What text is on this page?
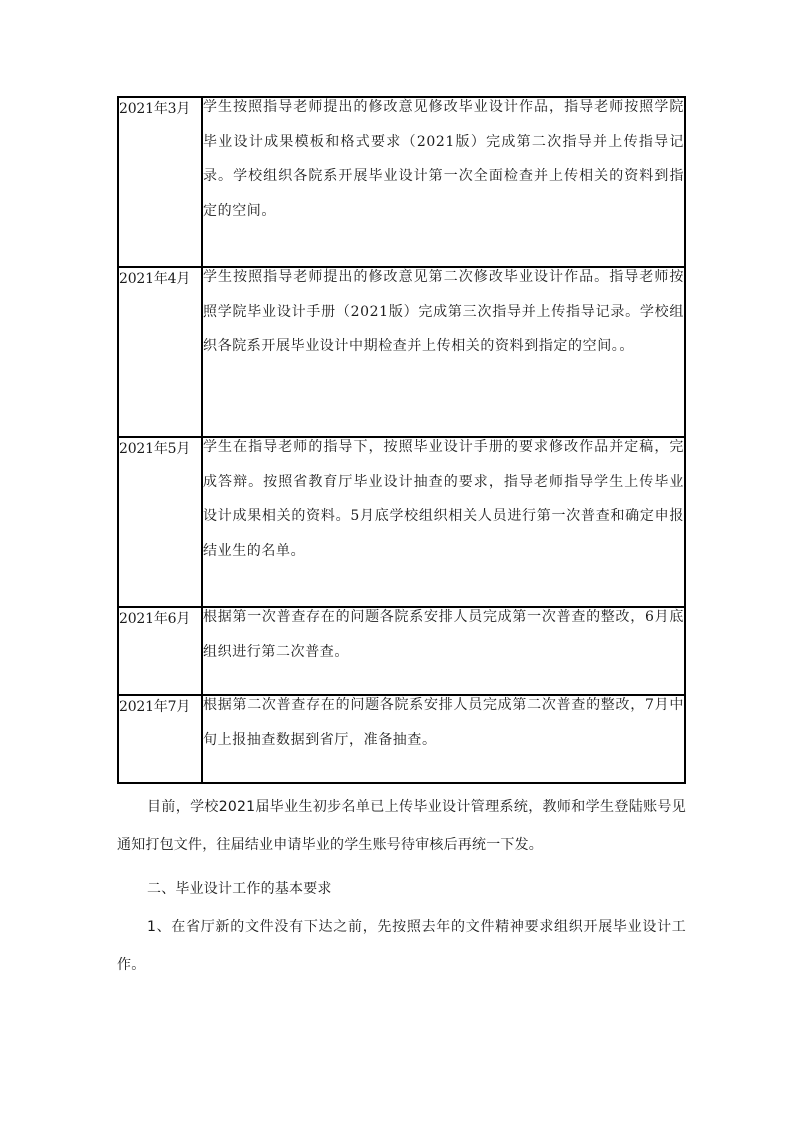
2021年3月	学生按照指导老师提出的修改意见修改毕业设计作品，指导老师按照学院毕业设计成果模板和格式要求（2021版）完成第二次指导并上传指导记录。学校组织各院系开展毕业设计第一次全面检查并上传相关的资料到指定的空间。

2021年4月	学生按照指导老师提出的修改意见第二次修改毕业设计作品。指导老师按照学院毕业设计手册（2021版）完成第三次指导并上传指导记录。学校组织各院系开展毕业设计中期检查并上传相关的资料到指定的空间。。

2021年5月	学生在指导老师的指导下，按照毕业设计手册的要求修改作品并定稿，完成答辩。按照省教育厅毕业设计抽查的要求，指导老师指导学生上传毕业设计成果相关的资料。5月底学校组织相关人员进行第一次普查和确定申报结业生的名单。

2021年6月	根据第一次普查存在的问题各院系安排人员完成第一次普查的整改，6月底组织进行第二次普查。

2021年7月	根据第二次普查存在的问题各院系安排人员完成第二次普查的整改，7月中旬上报抽查数据到省厅，准备抽查。

目前，学校2021届毕业生初步名单已上传毕业设计管理系统，教师和学生登陆账号见通知打包文件，往届结业申请毕业的学生账号待审核后再统一下发。

二、毕业设计工作的基本要求

1、在省厅新的文件没有下达之前，先按照去年的文件精神要求组织开展毕业设计工作。
